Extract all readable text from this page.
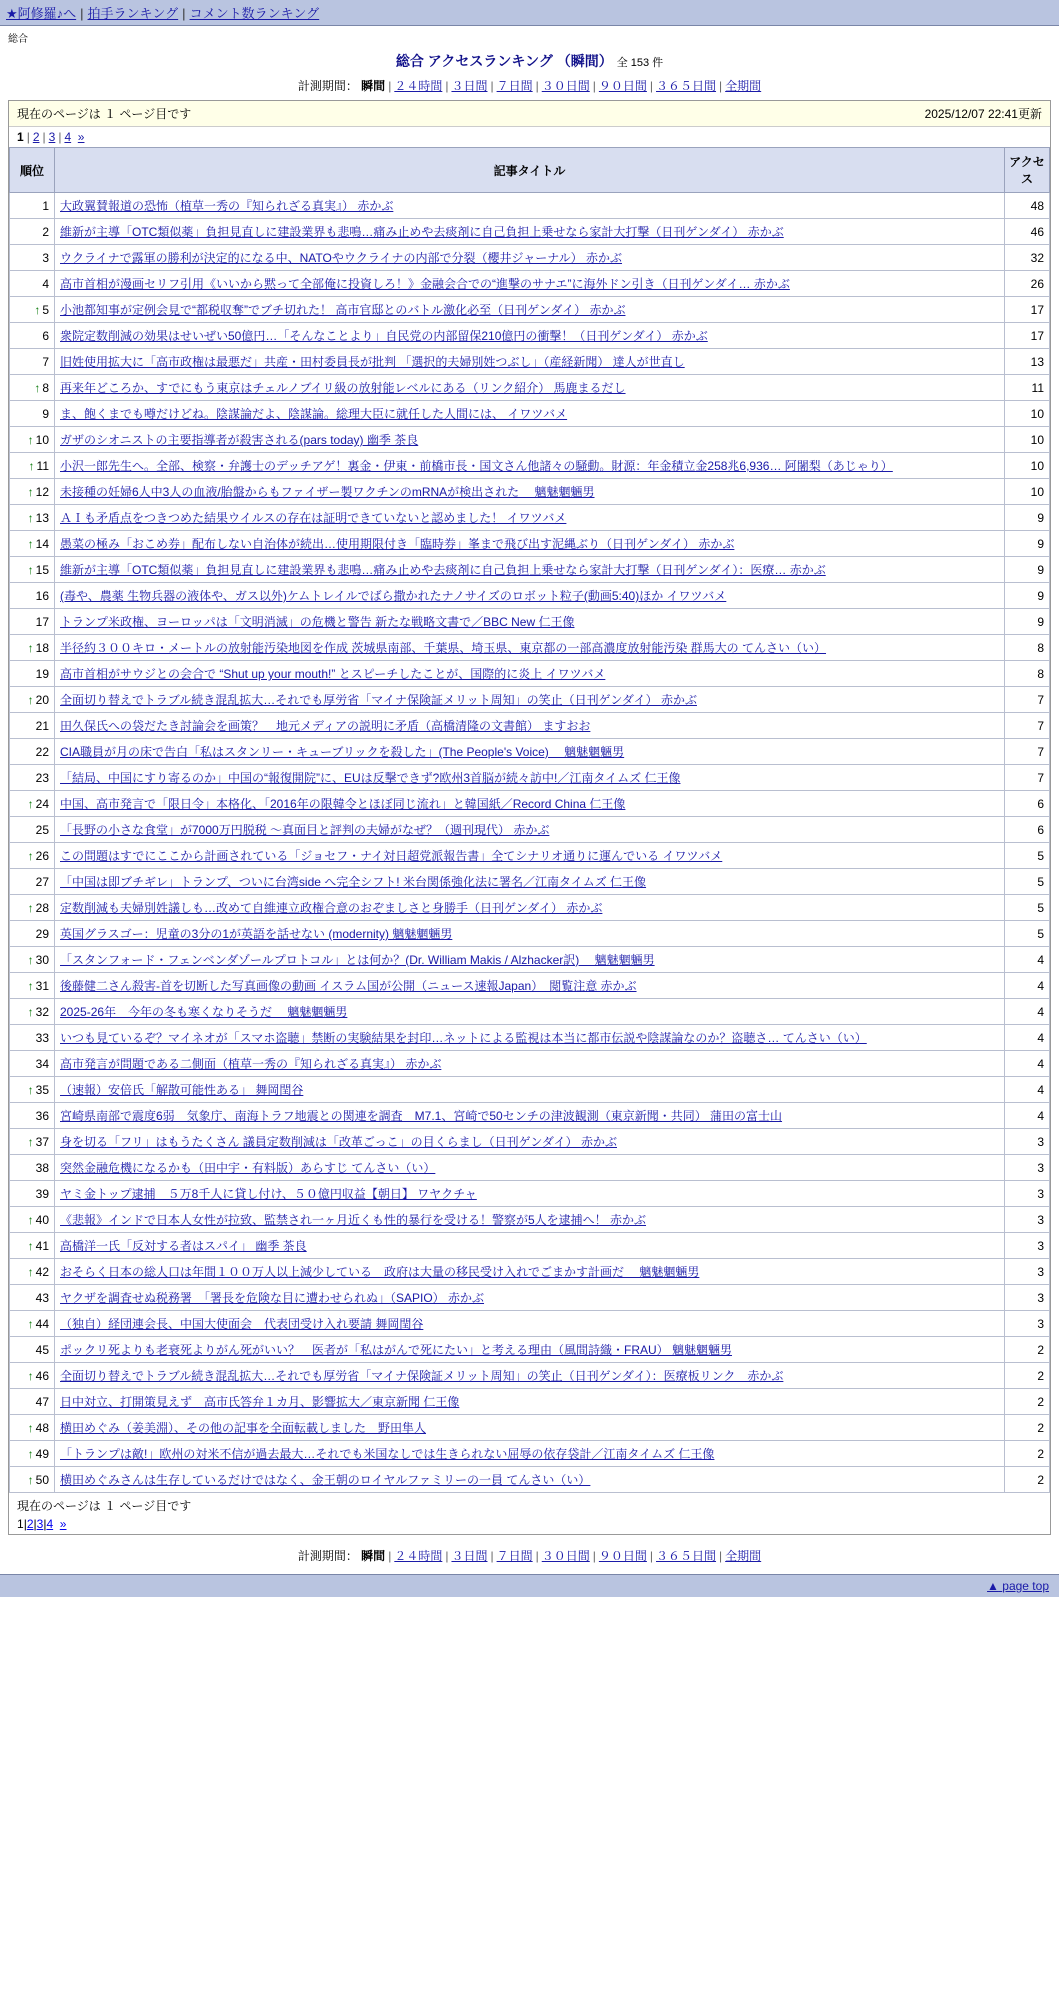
★阿修羅♪へ | 拍手ランキング | コメント数ランキング
総合
総合 アクセスランキング （瞬間） 全 153 件
計測期間： 瞬間 | ２４時間 | ３日間 | ７日間 | ３０日間 | ９０日間 | ３６５日間 | 全期間
現在のページは １ ページ目です	2025/12/07 22:41更新
1 | 2 | 3 | 4 »
順位	記事タイトル	アクセス
1	大政翼賛報道の恐怖（植草一秀の『知られざる真実』） 赤かぶ	48
2	維新が主導「OTC類似薬」負担見直しに建設業界も悲鳴…痛み止めや去痰剤に自己負担上乗せなら家計大打撃（日刊ゲンダイ） 赤かぶ	46
3	ウクライナで露軍の勝利が決定的になる中、NATOやウクライナの内部で分裂（櫻井ジャーナル） 赤かぶ	32
4	高市首相が漫画セリフ引用《いいから黙って全部俺に投資しろ！》金融会合での“進撃のサナエ”に海外ドン引き（日刊ゲンダイ… 赤かぶ	26
↑ 5	小池都知事が定例会見で“都税収奪”でブチ切れた！ 高市官邸とのバトル激化必至（日刊ゲンダイ） 赤かぶ	17
6	衆院定数削減の効果はせいぜい50億円…「そんなことより」自民党の内部留保210億円の衝撃！（日刊ゲンダイ） 赤かぶ	17
7	旧姓使用拡大に「高市政権は最悪だ」共産・田村委員長が批判 「選択的夫婦別姓つぶし」（産経新聞） 達人が世直し	13
↑ 8	再来年どころか、すでにもう東京はチェルノブイリ級の放射能レベルにある（リンク紹介） 馬鹿まるだし	11
9	ま、飽くまでも噂だけどね。陰謀論だよ、陰謀論。総理大臣に就任した人間には、 イワツバメ	10
↑ 10	ガザのシオニストの主要指導者が殺害される(pars today) 幽季 茶良	10
↑ 11	小沢一郎先生へ。全部、検察・弁護士のデッチアゲ！裏金・伊東・前橋市長・国文さん他諸々の騒動。財源：年金積立金258兆6,936… 阿闍梨（あじゃり）	10
↑ 12	未接種の妊婦6人中3人の血液/胎盤からもファイザー製ワクチンのmRNAが検出された　 魑魅魍魎男	10
↑ 13	ＡＩも矛盾点をつきつめた結果ウイルスの存在は証明できていないと認めました！ イワツバメ	9
↑ 14	愚菜の極み「おこめ券」配布しない自治体が続出…使用期限付き「臨時券」峯まで飛び出す泥縄ぶり（日刊ゲンダイ） 赤かぶ	9
↑ 15	維新が主導「OTC類似薬」負担見直しに建設業界も悲鳴…痛み止めや去痰剤に自己負担上乗せなら家計大打撃（日刊ゲンダイ）：医療… 赤かぶ	9
16	(毒や、農薬 生物兵器の液体や、ガス以外)ケムトレイルでばら撒かれたナノサイズのロボット粒子(動画5:40)ほか イワツバメ	9
17	トランプ米政権、ヨーロッパは「文明消滅」の危機と警告 新たな戦略文書で／BBC New 仁王像	9
↑ 18	半径約３００キロ・メートルの放射能汚染地図を作成 茨城県南部、千葉県、埼玉県、東京都の一部高濃度放射能汚染 群馬大の てんさい（い）	8
19	高市首相がサウジとの会合で “Shut up your mouth!” とスピーチしたことが、国際的に炎上 イワツバメ	8
↑ 20	全面切り替えでトラブル続き混乱拡大…それでも厚労省「マイナ保険証メリット周知」の笑止（日刊ゲンダイ） 赤かぶ	7
21	田久保氏への袋だたき討論会を画策？　地元メディアの説明に矛盾（高橋清隆の文書館） ますおお	7
22	CIA職員が月の床で告白「私はスタンリー・キューブリックを殺した」(The People's Voice)　 魑魅魍魎男	7
23	「結局、中国にすり寄るのか」中国の“報復開院”に、EUは反撃できず?欧州3首脳が続々訪中!／江南タイムズ 仁王像	7
↑ 24	中国、高市発言で「限日令」本格化、「2016年の限韓令とほぼ同じ流れ」と韓国紙／Record China 仁王像	6
25	「長野の小さな食堂」が7000万円脱税 〜真面目と評判の夫婦がなぜ？（週刊現代） 赤かぶ	6
↑ 26	この問題はすでにここから計画されている「ジョセフ・ナイ対日超党派報告書」全てシナリオ通りに運んでいる イワツバメ	5
27	「中国は即ブチギレ」トランプ、ついに台湾side へ完全シフト! 米台関係強化法に署名／江南タイムズ 仁王像	5
↑ 28	定数削減も夫婦別姓議しも…改めて自維連立政権合意のおぞましさと身勝手（日刊ゲンダイ） 赤かぶ	5
29	英国グラスゴー：児童の3分の1が英語を話せない (modernity) 魑魅魍魎男	5
↑ 30	「スタンフォード・フェンベンダゾールプロトコル」とは何か？(Dr. William Makis / Alzhacker訳)　 魑魅魍魎男	4
↑ 31	後藤健二さん殺害-首を切断した写真画像の動画 イスラム国が公開（ニュース速報Japan）　閲覧注意 赤かぶ	4
↑ 32	2025-26年　今年の冬も寒くなりそうだ　 魑魅魍魎男	4
33	いつも見ているぞ？マイネオが「スマホ盗聴」禁断の実験結果を封印…ネットによる監視は本当に都市伝説や陰謀論なのか？盗聴さ… てんさい（い）	4
34	高市発言が問題である二側面（植草一秀の『知られざる真実』） 赤かぶ	4
↑ 35	（速報）安倍氏「解散可能性ある」 舞岡閏谷	4
36	宮崎県南部で震度6弱　気象庁、南海トラフ地震との関連を調査　M7.1、宮崎で50センチの津波観測（東京新聞・共同） 蒲田の富士山	4
↑ 37	身を切る「フリ」はもうたくさん 議員定数削減は「改革ごっこ」の目くらまし（日刊ゲンダイ） 赤かぶ	3
38	突然金融危機になるかも（田中宇・有料版）あらすじ てんさい（い）	3
39	ヤミ金トップ逮捕　５万8千人に貸し付け、５０億円収益【朝日】 ワヤクチャ	3
↑ 40	《悲報》インドで日本人女性が拉致、監禁され一ヶ月近くも性的暴行を受ける！警察が5人を逮捕へ！ 赤かぶ	3
↑ 41	高橋洋一氏「反対する者はスパイ」 幽季 茶良	3
↑ 42	おそらく日本の総人口は年間１００万人以上減少している　政府は大量の移民受け入れでごまかす計画だ　 魑魅魍魎男	3
43	ヤクザを調査せぬ税務署　「署長を危険な目に遭わせられぬ」（SAPIO） 赤かぶ	3
↑ 44	（独自）経団連会長、中国大使面会　代表団受け入れ要請 舞岡閏谷	3
45	ポックリ死よりも老衰死よりがん死がいい？　医者が「私はがんで死にたい」と考える理由（風間詩織・FRAU） 魑魅魍魎男	2
↑ 46	全面切り替えでトラブル続き混乱拡大…それでも厚労省「マイナ保険証メリット周知」の笑止（日刊ゲンダイ）：医療板リンク　赤かぶ	2
47	日中対立、打開策見えず　高市氏答弁１カ月、影響拡大／東京新聞 仁王像	2
↑ 48	横田めぐみ（姜美淵）、その他の記事を全面転載しました　野田隼人	2
↑ 49	「トランプは敵!」欧州の対米不信が過去最大…それでも米国なしでは生きられない屈辱の依存袋計／江南タイムズ 仁王像	2
↑ 50	横田めぐみさんは生存しているだけではなく、金王朝のロイヤルファミリーの一員 てんさい（い）	2
現在のページは １ ページ目です
1|2|3|4 »
計測期間： 瞬間 | ２４時間 | ３日間 | ７日間 | ３０日間 | ９０日間 | ３６５日間 | 全期間
▲ page top
